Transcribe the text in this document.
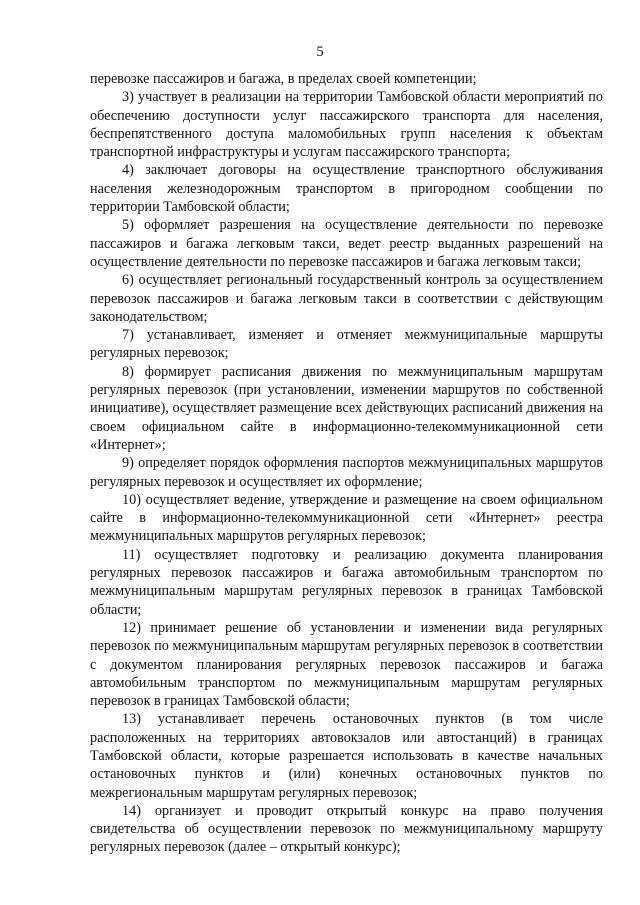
5

перевозке пассажиров и багажа, в пределах своей компетенции;

3) участвует в реализации на территории Тамбовской области мероприятий по обеспечению доступности услуг пассажирского транспорта для населения, беспрепятственного доступа маломобильных групп населения к объектам транспортной инфраструктуры и услугам пассажирского транспорта;

4) заключает договоры на осуществление транспортного обслуживания населения железнодорожным транспортом в пригородном сообщении по территории Тамбовской области;

5) оформляет разрешения на осуществление деятельности по перевозке пассажиров и багажа легковым такси, ведет реестр выданных разрешений на осуществление деятельности по перевозке пассажиров и багажа легковым такси;

6) осуществляет региональный государственный контроль за осуществлением перевозок пассажиров и багажа легковым такси в соответствии с действующим законодательством;

7) устанавливает, изменяет и отменяет межмуниципальные маршруты регулярных перевозок;

8) формирует расписания движения по межмуниципальным маршрутам регулярных перевозок (при установлении, изменении маршрутов по собственной инициативе), осуществляет размещение всех действующих расписаний движения на своем официальном сайте в информационно-телекоммуникационной сети «Интернет»;

9) определяет порядок оформления паспортов межмуниципальных маршрутов регулярных перевозок и осуществляет их оформление;

10) осуществляет ведение, утверждение и размещение на своем официальном сайте в информационно-телекоммуникационной сети «Интернет» реестра межмуниципальных маршрутов регулярных перевозок;

11) осуществляет подготовку и реализацию документа планирования регулярных перевозок пассажиров и багажа автомобильным транспортом по межмуниципальным маршрутам регулярных перевозок в границах Тамбовской области;

12) принимает решение об установлении и изменении вида регулярных перевозок по межмуниципальным маршрутам регулярных перевозок в соответствии с документом планирования регулярных перевозок пассажиров и багажа автомобильным транспортом по межмуниципальным маршрутам регулярных перевозок в границах Тамбовской области;

13) устанавливает перечень остановочных пунктов (в том числе расположенных на территориях автовокзалов или автостанций) в границах Тамбовской области, которые разрешается использовать в качестве начальных остановочных пунктов и (или) конечных остановочных пунктов по межрегиональным маршрутам регулярных перевозок;

14) организует и проводит открытый конкурс на право получения свидетельства об осуществлении перевозок по межмуниципальному маршруту регулярных перевозок (далее – открытый конкурс);
